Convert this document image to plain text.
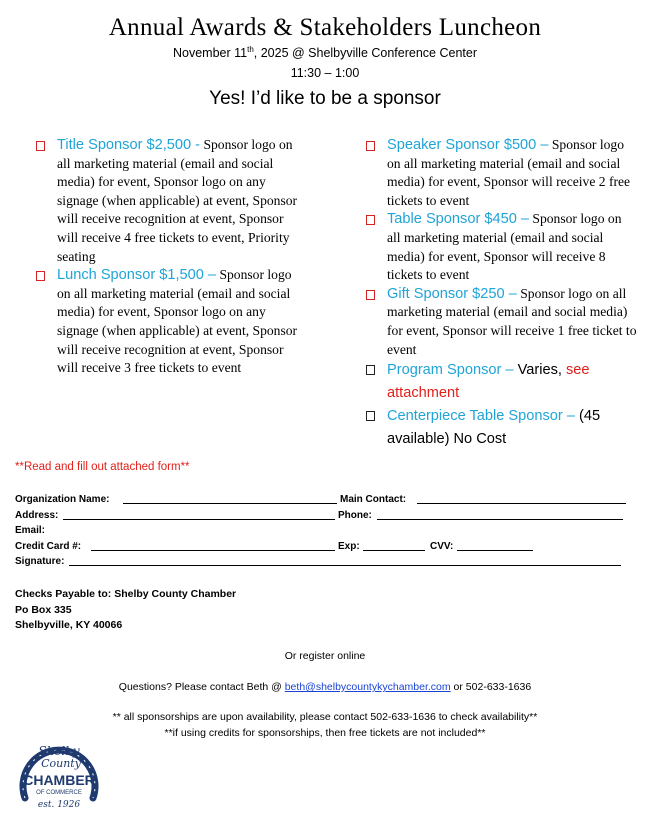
Annual Awards & Stakeholders Luncheon
November 11th, 2025 @ Shelbyville Conference Center
11:30 – 1:00
Yes! I’d like to be a sponsor
Title Sponsor $2,500 - Sponsor logo on all marketing material (email and social media) for event, Sponsor logo on any signage (when applicable) at event, Sponsor will receive recognition at event, Sponsor will receive 4 free tickets to event, Priority seating
Lunch Sponsor $1,500 – Sponsor logo on all marketing material (email and social media) for event, Sponsor logo on any signage (when applicable) at event, Sponsor will receive recognition at event, Sponsor will receive 3 free tickets to event
Speaker Sponsor $500 – Sponsor logo on all marketing material (email and social media) for event, Sponsor will receive 2 free tickets to event
Table Sponsor $450 – Sponsor logo on all marketing material (email and social media) for event, Sponsor will receive 8 tickets to event
Gift Sponsor $250 – Sponsor logo on all marketing material (email and social media) for event, Sponsor will receive 1 free ticket to event
Program Sponsor – Varies, see attachment
Centerpiece Table Sponsor – (45 available) No Cost
**Read and fill out attached form**
Organization Name:	Main Contact:
Address:	Phone:
Email:
Credit Card #:	Exp:	CVV:
Signature:
Checks Payable to: Shelby County Chamber
Po Box 335
Shelbyville, KY 40066
Or register online
Questions? Please contact Beth @ beth@shelbycountykychamber.com or 502-633-1636
** all sponsorships are upon availability, please contact 502-633-1636 to check availability**
**if using credits for sponsorships, then free tickets are not included**
Shelby
County
CHAMBER
OF COMMERCE
est. 1926
